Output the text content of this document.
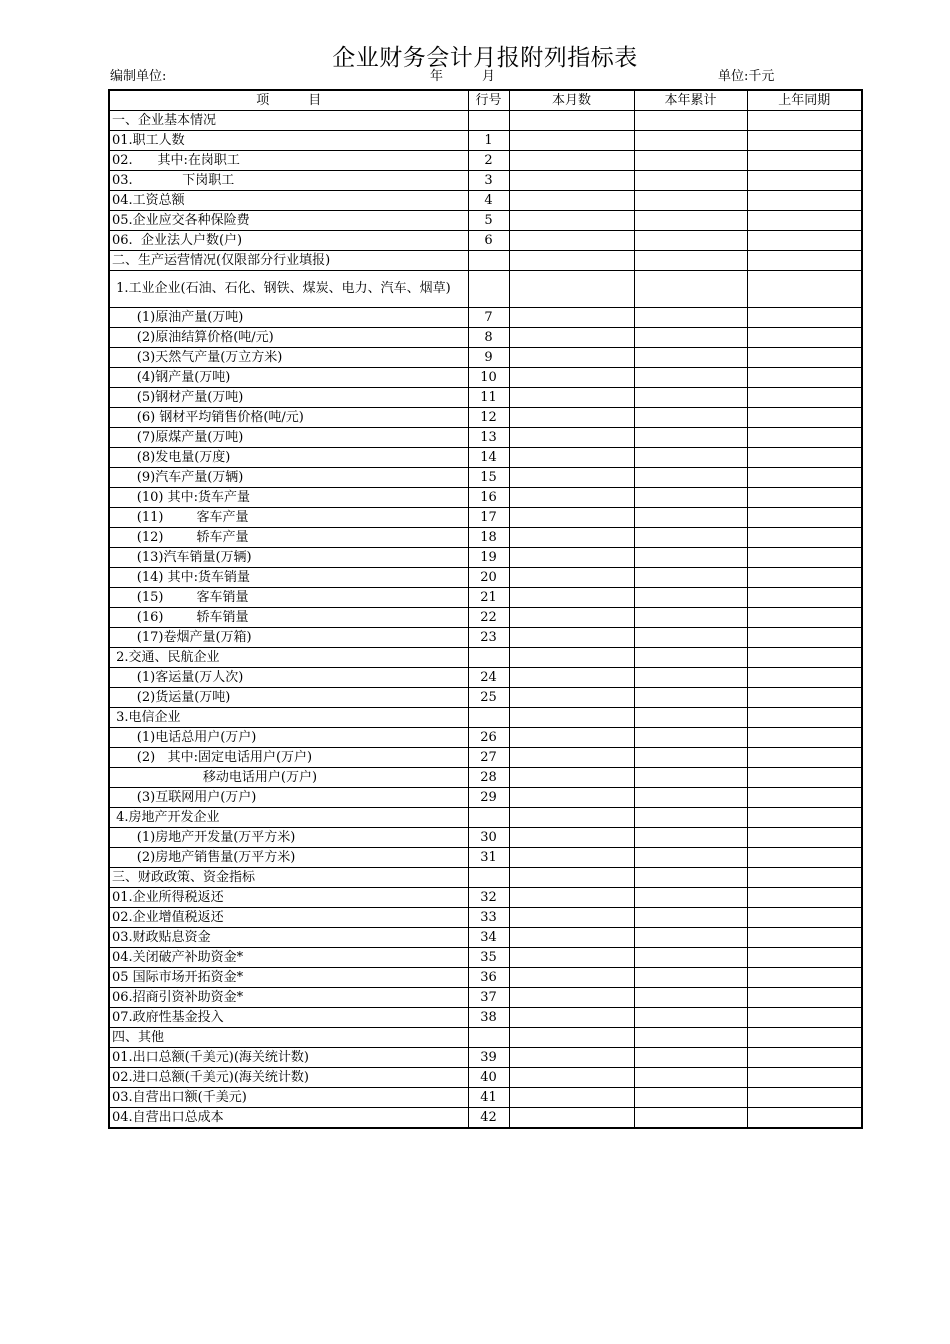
企业财务会计月报附列指标表
编制单位:	年	月	单位:千元
项　　　目	行号	本月数	本年累计	上年同期
一、企业基本情况				
01.职工人数	1			
02.      其中:在岗职工	2			
03.            下岗职工	3			
04.工资总额	4			
05.企业应交各种保险费	5			
06.  企业法人户数(户)	6			
二、生产运营情况(仅限部分行业填报)				
1.工业企业(石油、石化、钢铁、煤炭、电力、汽车、烟草)				
(1)原油产量(万吨)	7			
(2)原油结算价格(吨/元)	8			
(3)天然气产量(万立方米)	9			
(4)钢产量(万吨)	10			
(5)钢材产量(万吨)	11			
(6) 钢材平均销售价格(吨/元)	12			
(7)原煤产量(万吨)	13			
(8)发电量(万度)	14			
(9)汽车产量(万辆)	15			
(10) 其中:货车产量	16			
(11)        客车产量	17			
(12)        轿车产量	18			
(13)汽车销量(万辆)	19			
(14) 其中:货车销量	20			
(15)        客车销量	21			
(16)        轿车销量	22			
(17)卷烟产量(万箱)	23			
2.交通、民航企业				
(1)客运量(万人次)	24			
(2)货运量(万吨)	25			
3.电信企业				
(1)电话总用户(万户)	26			
(2)   其中:固定电话用户(万户)	27			
移动电话用户(万户)	28			
(3)互联网用户(万户)	29			
4.房地产开发企业				
(1)房地产开发量(万平方米)	30			
(2)房地产销售量(万平方米)	31			
三、财政政策、资金指标				
01.企业所得税返还	32			
02.企业增值税返还	33			
03.财政贴息资金	34			
04.关闭破产补助资金*	35			
05 国际市场开拓资金*	36			
06.招商引资补助资金*	37			
07.政府性基金投入	38			
四、其他				
01.出口总额(千美元)(海关统计数)	39			
02.进口总额(千美元)(海关统计数)	40			
03.自营出口额(千美元)	41			
04.自营出口总成本	42			
